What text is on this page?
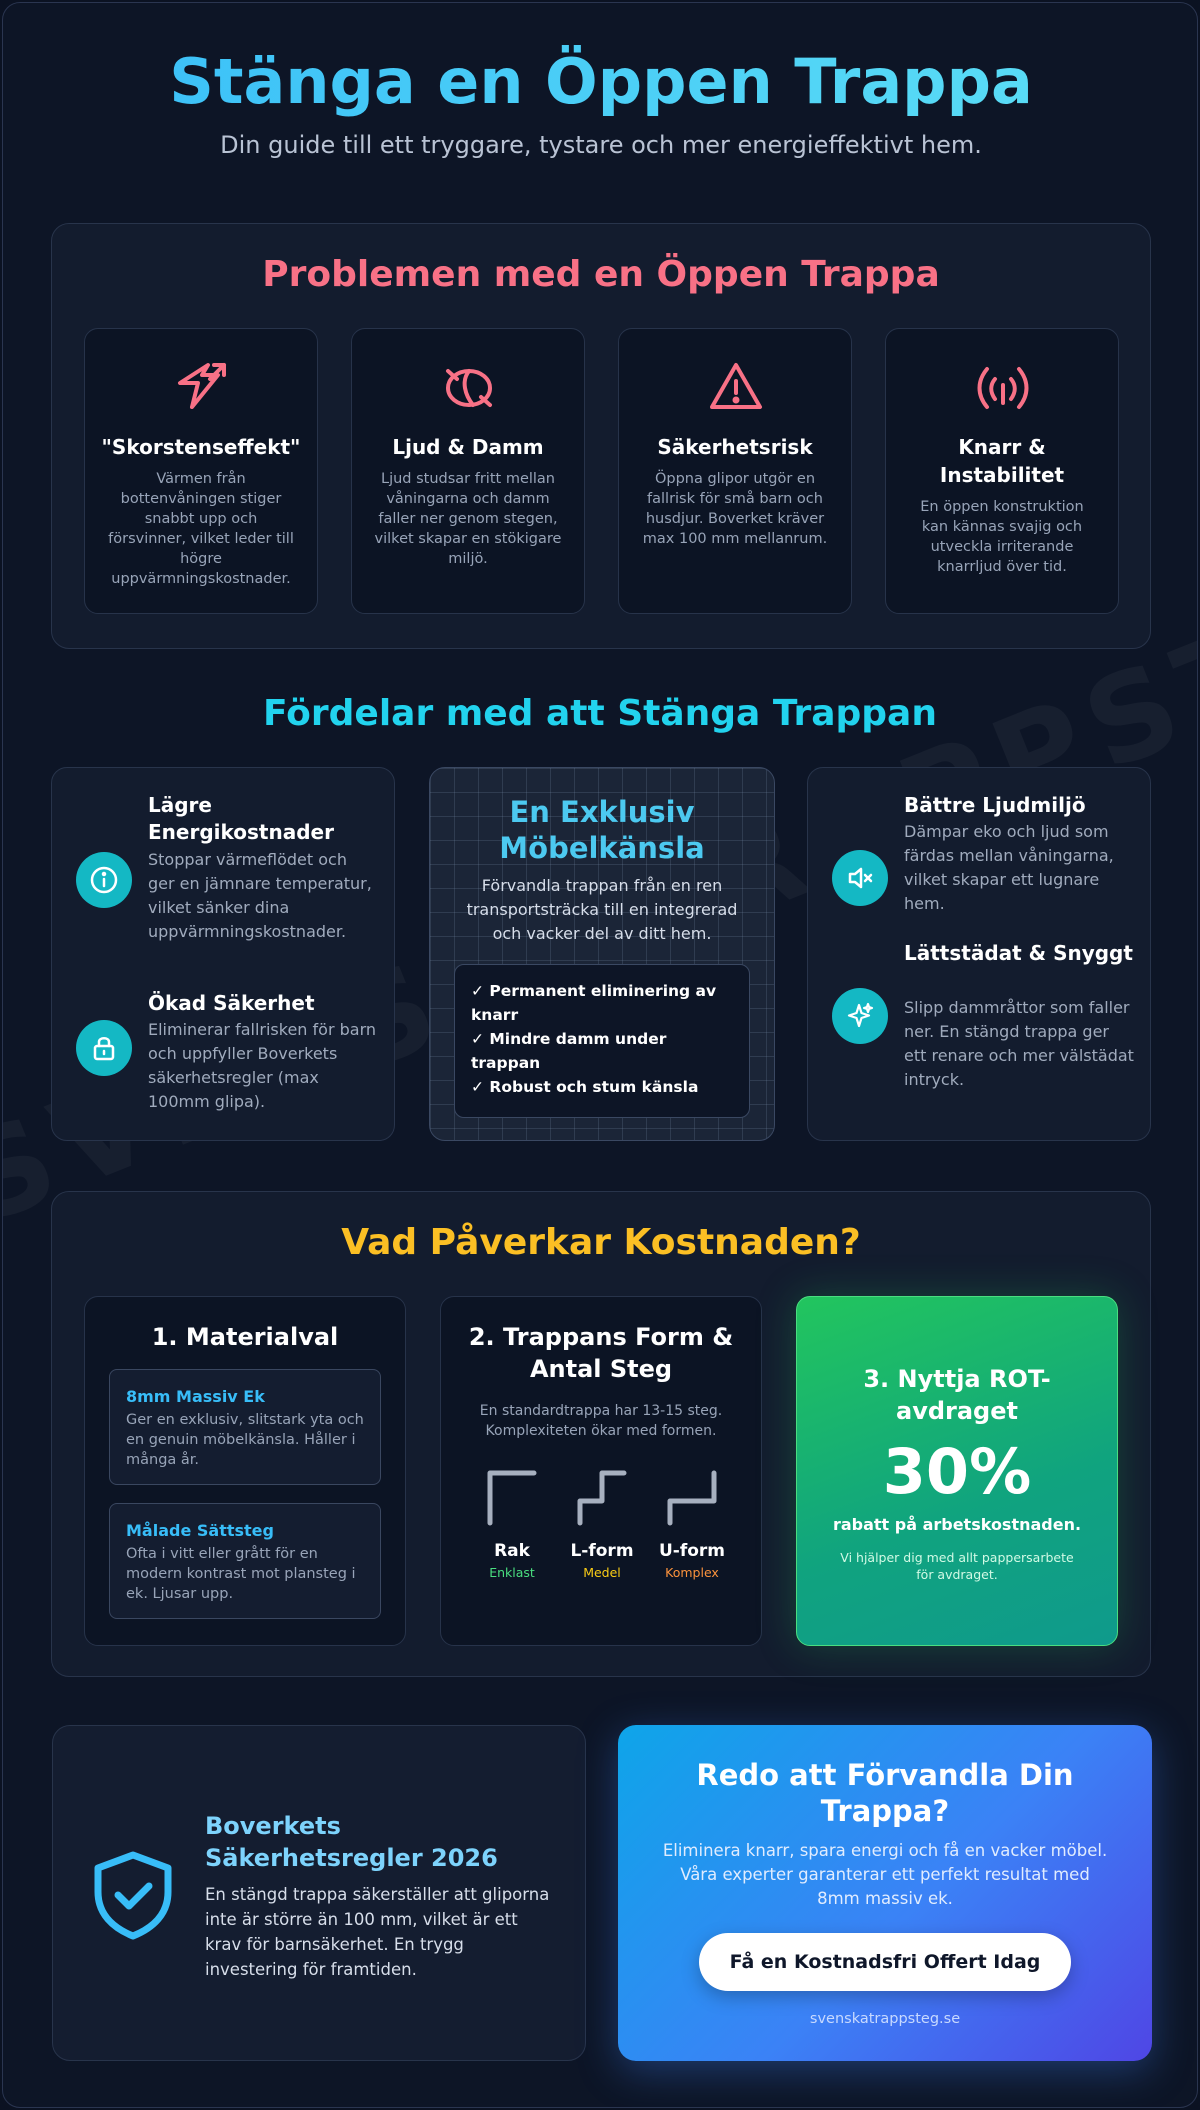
Stänga en Öppen Trappa

Din guide till ett tryggare, tystare och mer energieffektivt hem.

Problemen med en Öppen Trappa
"Skorstenseffekt"
Värmen från bottenvåningen stiger snabbt upp och försvinner, vilket leder till högre uppvärmningskostnader.
Ljud & Damm
Ljud studsar fritt mellan våningarna och damm faller ner genom stegen, vilket skapar en stökigare miljö.
Säkerhetsrisk
Öppna glipor utgör en fallrisk för små barn och husdjur. Boverket kräver max 100 mm mellanrum.
Knarr & Instabilitet
En öppen konstruktion kan kännas svajig och utveckla irriterande knarrljud över tid.
Fördelar med att Stänga Trappan
Lägre Energikostnader
Stoppar värmeflödet och ger en jämnare temperatur, vilket sänker dina uppvärmningskostnader.
Ökad Säkerhet
Eliminerar fallrisken för barn och uppfyller Boverkets säkerhetsregler (max 100mm glipa).
En Exklusiv Möbelkänsla
Förvandla trappan från en ren transportsträcka till en integrerad och vacker del av ditt hem.
✓ Permanent eliminering av knarr
✓ Mindre damm under trappan
✓ Robust och stum känsla
Bättre Ljudmiljö
Dämpar eko och ljud som färdas mellan våningarna, vilket skapar ett lugnare hem.
Lättstädat & Snyggt
Slipp dammråttor som faller ner. En stängd trappa ger ett renare och mer välstädat intryck.
Vad Påverkar Kostnaden?
1. Materialval
8mm Massiv Ek
Ger en exklusiv, slitstark yta och en genuin möbelkänsla. Håller i många år.
Målade Sättsteg
Ofta i vitt eller grått för en modern kontrast mot plansteg i ek. Ljusar upp.
2. Trappans Form & Antal Steg
En standardtrappa har 13-15 steg. Komplexiteten ökar med formen.
Rak
Enklast
L-form
Medel
U-form
Komplex
3. Nyttja ROT-avdraget
30%
rabatt på arbetskostnaden.
Vi hjälper dig med allt pappersarbete för avdraget.
Boverkets Säkerhetsregler 2026
En stängd trappa säkerställer att gliporna inte är större än 100 mm, vilket är ett krav för barnsäkerhet. En trygg investering för framtiden.
Redo att Förvandla Din Trappa?
Eliminera knarr, spara energi och få en vacker möbel. Våra experter garanterar ett perfekt resultat med 8mm massiv ek.
Få en Kostnadsfri Offert Idag
svenskatrappsteg.se
